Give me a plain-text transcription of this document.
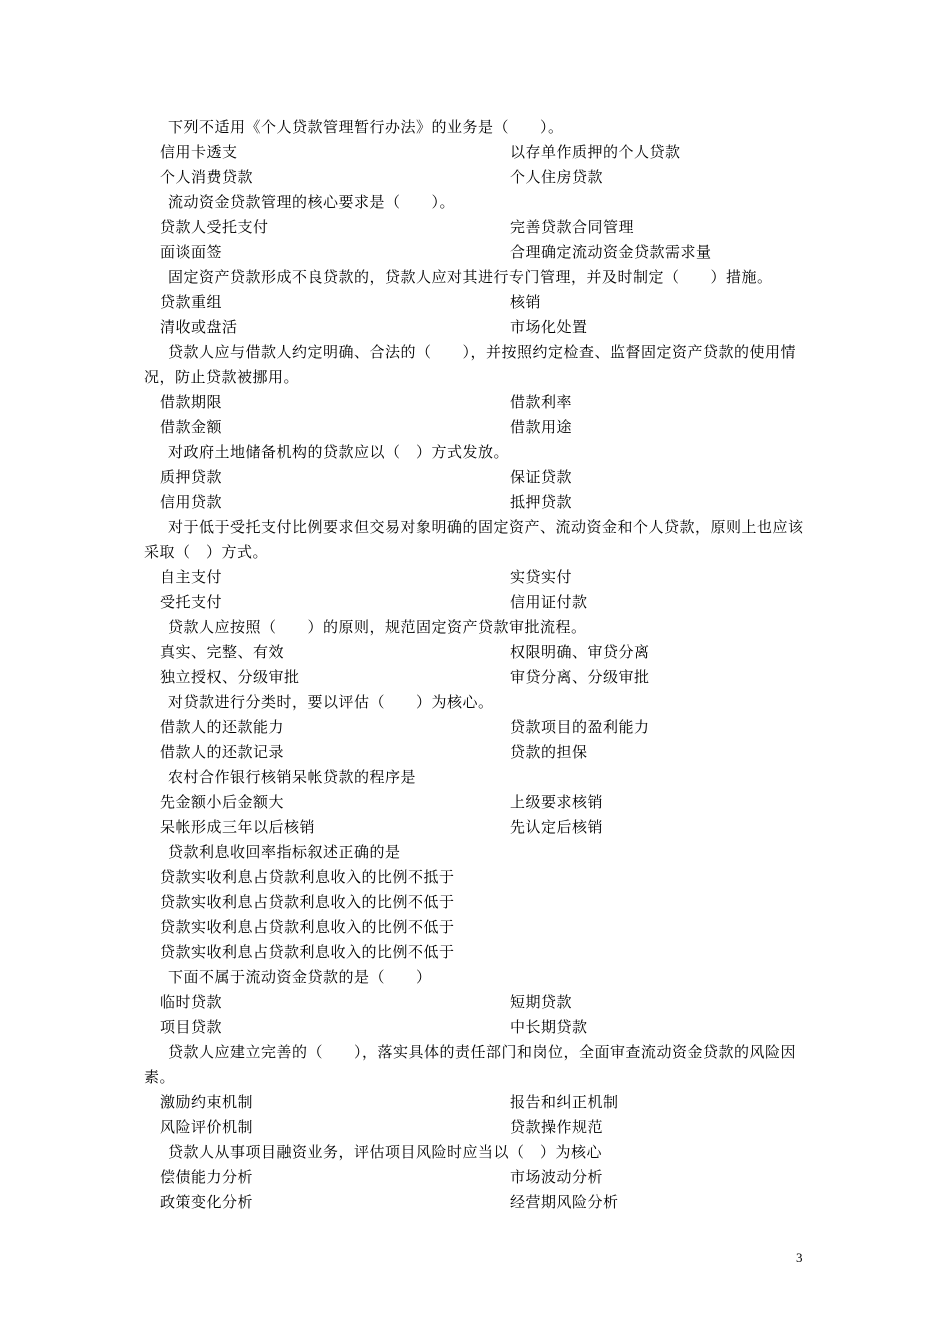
下列不适用《个人贷款管理暂行办法》的业务是（　　）。

信用卡透支	以存单作质押的个人贷款

个人消费贷款	个人住房贷款

流动资金贷款管理的核心要求是（　　）。

贷款人受托支付	完善贷款合同管理

面谈面签	合理确定流动资金贷款需求量

固定资产贷款形成不良贷款的，贷款人应对其进行专门管理，并及时制定（　　）措施。

贷款重组	核销

清收或盘活	市场化处置

贷款人应与借款人约定明确、合法的（　　），并按照约定检查、监督固定资产贷款的使用情况，防止贷款被挪用。

借款期限	借款利率

借款金额	借款用途

对政府土地储备机构的贷款应以（　）方式发放。

质押贷款	保证贷款

信用贷款	抵押贷款

对于低于受托支付比例要求但交易对象明确的固定资产、流动资金和个人贷款，原则上也应该采取（　）方式。

自主支付	实贷实付

受托支付	信用证付款

贷款人应按照（　　）的原则，规范固定资产贷款审批流程。

真实、完整、有效	权限明确、审贷分离

独立授权、分级审批	审贷分离、分级审批

对贷款进行分类时，要以评估（　　）为核心。

借款人的还款能力	贷款项目的盈利能力

借款人的还款记录	贷款的担保

农村合作银行核销呆帐贷款的程序是

先金额小后金额大	上级要求核销

呆帐形成三年以后核销	先认定后核销

贷款利息收回率指标叙述正确的是

贷款实收利息占贷款利息收入的比例不抵于

贷款实收利息占贷款利息收入的比例不低于

贷款实收利息占贷款利息收入的比例不低于

贷款实收利息占贷款利息收入的比例不低于

下面不属于流动资金贷款的是（　　）

临时贷款	短期贷款

项目贷款	中长期贷款

贷款人应建立完善的（　　），落实具体的责任部门和岗位，全面审查流动资金贷款的风险因素。

激励约束机制	报告和纠正机制

风险评价机制	贷款操作规范

贷款人从事项目融资业务，评估项目风险时应当以（　）为核心

偿债能力分析	市场波动分析

政策变化分析	经营期风险分析

3
